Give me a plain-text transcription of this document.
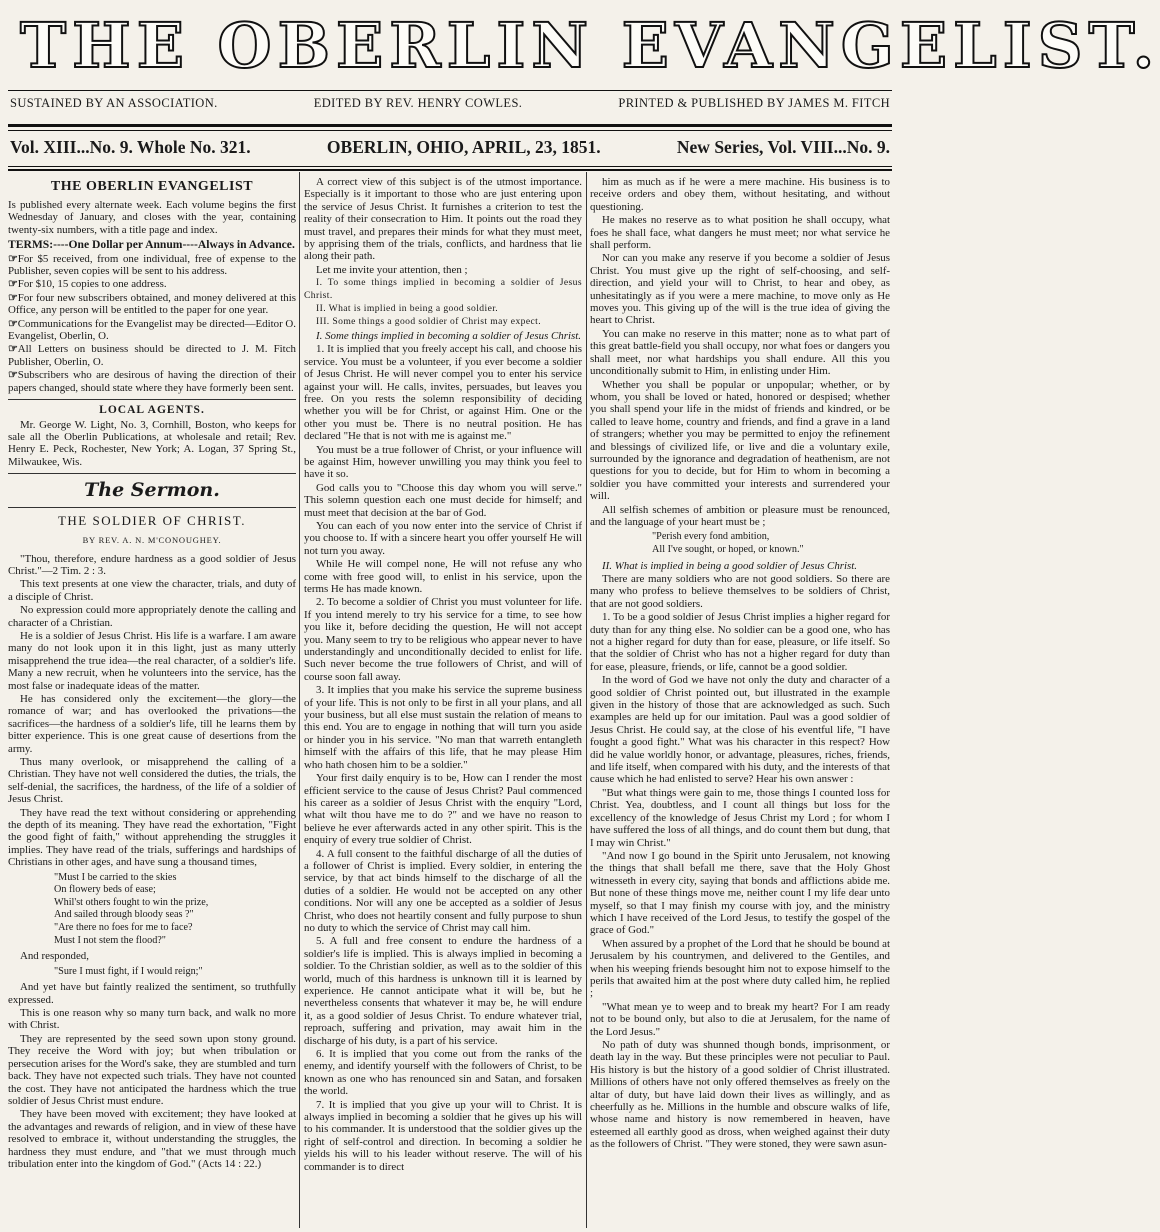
THE OBERLIN EVANGELIST.
SUSTAINED BY AN ASSOCIATION.	EDITED BY REV. HENRY COWLES.	PRINTED & PUBLISHED BY JAMES M. FITCH
Vol. XIII...No. 9. Whole No. 321.	OBERLIN, OHIO, APRIL, 23, 1851.	New Series, Vol. VIII...No. 9.
THE OBERLIN EVANGELIST

Is published every alternate week. Each volume begins the first Wednesday of January, and closes with the year, containing twenty-six numbers, with a title page and index.

TERMS:----One Dollar per Annum----Always in Advance.

☞For $5 received, from one individual, free of expense to the Publisher, seven copies will be sent to his address.

☞For $10, 15 copies to one address.

☞For four new subscribers obtained, and money delivered at this Office, any person will be entitled to the paper for one year.

☞Communications for the Evangelist may be directed—Editor O. Evangelist, Oberlin, O.

☞All Letters on business should be directed to J. M. Fitch Publisher, Oberlin, O.

☞Subscribers who are desirous of having the direction of their papers changed, should state where they have formerly been sent.

LOCAL AGENTS.

Mr. George W. Light, No. 3, Cornhill, Boston, who keeps for sale all the Oberlin Publications, at wholesale and retail; Rev. Henry E. Peck, Rochester, New York; A. Logan, 37 Spring St., Milwaukee, Wis.

The Sermon.
THE SOLDIER OF CHRIST.
BY REV. A. N. M'CONOUGHEY.

"Thou, therefore, endure hardness as a good soldier of Jesus Christ."—2 Tim. 2 : 3.

This text presents at one view the character, trials, and duty of a disciple of Christ.

No expression could more appropriately denote the calling and character of a Christian.

He is a soldier of Jesus Christ. His life is a warfare. I am aware many do not look upon it in this light, just as many utterly misapprehend the true idea—the real character, of a soldier's life. Many a new recruit, when he volunteers into the service, has the most false or inadequate ideas of the matter.

He has considered only the excitement—the glory—the romance of war; and has overlooked the privations—the sacrifices—the hardness of a soldier's life, till he learns them by bitter experience. This is one great cause of desertions from the army.

Thus many overlook, or misapprehend the calling of a Christian. They have not well considered the duties, the trials, the self-denial, the sacrifices, the hardness, of the life of a soldier of Jesus Christ.

They have read the text without considering or apprehending the depth of its meaning. They have read the exhortation, "Fight the good fight of faith," without apprehending the struggles it implies. They have read of the trials, sufferings and hardships of Christians in other ages, and have sung a thousand times,

"Must I be carried to the skies
On flowery beds of ease;
Whil'st others fought to win the prize,
And sailed through bloody seas ?"
"Are there no foes for me to face?
Must I not stem the flood?"

And responded,

"Sure I must fight, if I would reign;"

And yet have but faintly realized the sentiment, so truthfully expressed.

This is one reason why so many turn back, and walk no more with Christ.

They are represented by the seed sown upon stony ground. They receive the Word with joy; but when tribulation or persecution arises for the Word's sake, they are stumbled and turn back. They have not expected such trials. They have not counted the cost. They have not anticipated the hardness which the true soldier of Jesus Christ must endure.

They have been moved with excitement; they have looked at the advantages and rewards of religion, and in view of these have resolved to embrace it, without understanding the struggles, the hardness they must endure, and "that we must through much tribulation enter into the kingdom of God." (Acts 14 : 22.)

A correct view of this subject is of the utmost importance. Especially is it important to those who are just entering upon the service of Jesus Christ. It furnishes a criterion to test the reality of their consecration to Him. It points out the road they must travel, and prepares their minds for what they must meet, by apprising them of the trials, conflicts, and hardness that lie along their path.

Let me invite your attention, then ;

I. To some things implied in becoming a soldier of Jesus Christ.

II. What is implied in being a good soldier.

III. Some things a good soldier of Christ may expect.

I. Some things implied in becoming a soldier of Jesus Christ.

1. It is implied that you freely accept his call, and choose his service. You must be a volunteer, if you ever become a soldier of Jesus Christ. He will never compel you to enter his service against your will. He calls, invites, persuades, but leaves you free. On you rests the solemn responsibility of deciding whether you will be for Christ, or against Him. One or the other you must be. There is no neutral position. He has declared "He that is not with me is against me."

You must be a true follower of Christ, or your influence will be against Him, however unwilling you may think you feel to have it so.

God calls you to "Choose this day whom you will serve." This solemn question each one must decide for himself; and must meet that decision at the bar of God.

You can each of you now enter into the service of Christ if you choose to. If with a sincere heart you offer yourself He will not turn you away.

While He will compel none, He will not refuse any who come with free good will, to enlist in his service, upon the terms He has made known.

2. To become a soldier of Christ you must volunteer for life. If you intend merely to try his service for a time, to see how you like it, before deciding the question, He will not accept you. Many seem to try to be religious who appear never to have understandingly and unconditionally decided to enlist for life. Such never become the true followers of Christ, and will of course soon fall away.

3. It implies that you make his service the supreme business of your life. This is not only to be first in all your plans, and all your business, but all else must sustain the relation of means to this end. You are to engage in nothing that will turn you aside or hinder you in his service. "No man that warreth entangleth himself with the affairs of this life, that he may please Him who hath chosen him to be a soldier."

Your first daily enquiry is to be, How can I render the most efficient service to the cause of Jesus Christ? Paul commenced his career as a soldier of Jesus Christ with the enquiry "Lord, what wilt thou have me to do ?" and we have no reason to believe he ever afterwards acted in any other spirit. This is the enquiry of every true soldier of Christ.

4. A full consent to the faithful discharge of all the duties of a follower of Christ is implied. Every soldier, in entering the service, by that act binds himself to the discharge of all the duties of a soldier. He would not be accepted on any other conditions. Nor will any one be accepted as a soldier of Jesus Christ, who does not heartily consent and fully purpose to shun no duty to which the service of Christ may call him.

5. A full and free consent to endure the hardness of a soldier's life is implied. This is always implied in becoming a soldier. To the Christian soldier, as well as to the soldier of this world, much of this hardness is unknown till it is learned by experience. He cannot anticipate what it will be, but he nevertheless consents that whatever it may be, he will endure it, as a good soldier of Jesus Christ. To endure whatever trial, reproach, suffering and privation, may await him in the discharge of his duty, is a part of his service.

6. It is implied that you come out from the ranks of the enemy, and identify yourself with the followers of Christ, to be known as one who has renounced sin and Satan, and forsaken the world.

7. It is implied that you give up your will to Christ. It is always implied in becoming a soldier that he gives up his will to his commander. It is understood that the soldier gives up the right of self-control and direction. In becoming a soldier he yields his will to his leader without reserve. The will of his commander is to direct

him as much as if he were a mere machine. His business is to receive orders and obey them, without hesitating, and without questioning.

He makes no reserve as to what position he shall occupy, what foes he shall face, what dangers he must meet; nor what service he shall perform.

Nor can you make any reserve if you become a soldier of Jesus Christ. You must give up the right of self-choosing, and self-direction, and yield your will to Christ, to hear and obey, as unhesitatingly as if you were a mere machine, to move only as He moves you. This giving up of the will is the true idea of giving the heart to Christ.

You can make no reserve in this matter; none as to what part of this great battle-field you shall occupy, nor what foes or dangers you shall meet, nor what hardships you shall endure. All this you unconditionally submit to Him, in enlisting under Him.

Whether you shall be popular or unpopular; whether, or by whom, you shall be loved or hated, honored or despised; whether you shall spend your life in the midst of friends and kindred, or be called to leave home, country and friends, and find a grave in a land of strangers; whether you may be permitted to enjoy the refinement and blessings of civilized life, or live and die a voluntary exile, surrounded by the ignorance and degradation of heathenism, are not questions for you to decide, but for Him to whom in becoming a soldier you have committed your interests and surrendered your will.

All selfish schemes of ambition or pleasure must be renounced, and the language of your heart must be ;

"Perish every fond ambition,
All I've sought, or hoped, or known."

II. What is implied in being a good soldier of Jesus Christ.

There are many soldiers who are not good soldiers. So there are many who profess to believe themselves to be soldiers of Christ, that are not good soldiers.

1. To be a good soldier of Jesus Christ implies a higher regard for duty than for any thing else. No soldier can be a good one, who has not a higher regard for duty than for ease, pleasure, or life itself. So that the soldier of Christ who has not a higher regard for duty than for ease, pleasure, friends, or life, cannot be a good soldier.

In the word of God we have not only the duty and character of a good soldier of Christ pointed out, but illustrated in the example given in the history of those that are acknowledged as such. Such examples are held up for our imitation. Paul was a good soldier of Jesus Christ. He could say, at the close of his eventful life, "I have fought a good fight." What was his character in this respect? How did he value worldly honor, or advantage, pleasures, riches, friends, and life itself, when compared with his duty, and the interests of that cause which he had enlisted to serve? Hear his own answer :

"But what things were gain to me, those things I counted loss for Christ. Yea, doubtless, and I count all things but loss for the excellency of the knowledge of Jesus Christ my Lord ; for whom I have suffered the loss of all things, and do count them but dung, that I may win Christ."

"And now I go bound in the Spirit unto Jerusalem, not knowing the things that shall befall me there, save that the Holy Ghost witnesseth in every city, saying that bonds and afflictions abide me. But none of these things move me, neither count I my life dear unto myself, so that I may finish my course with joy, and the ministry which I have received of the Lord Jesus, to testify the gospel of the grace of God."

When assured by a prophet of the Lord that he should be bound at Jerusalem by his countrymen, and delivered to the Gentiles, and when his weeping friends besought him not to expose himself to the perils that awaited him at the post where duty called him, he replied ;

"What mean ye to weep and to break my heart? For I am ready not to be bound only, but also to die at Jerusalem, for the name of the Lord Jesus."

No path of duty was shunned though bonds, imprisonment, or death lay in the way. But these principles were not peculiar to Paul. His history is but the history of a good soldier of Christ illustrated. Millions of others have not only offered themselves as freely on the altar of duty, but have laid down their lives as willingly, and as cheerfully as he. Millions in the humble and obscure walks of life, whose name and history is now remembered in heaven, have esteemed all earthly good as dross, when weighed against their duty as the followers of Christ. "They were stoned, they were sawn asun-
